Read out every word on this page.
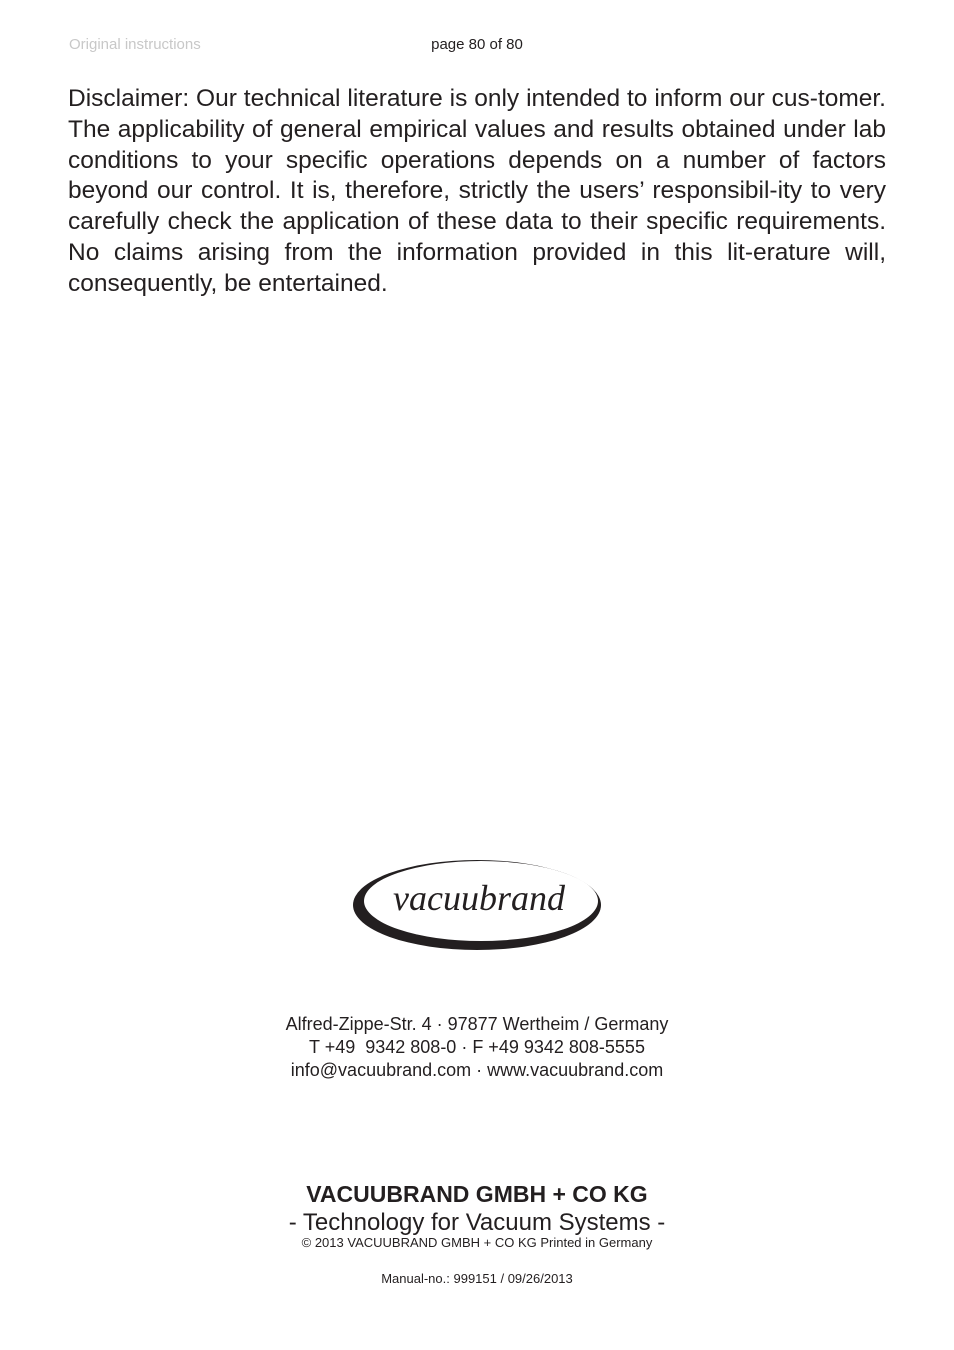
Original instructions	page 80 of 80

Disclaimer: Our technical literature is only intended to inform our cus-tomer. The applicability of general empirical values and results obtained under lab conditions to your specific operations depends on a number of factors beyond our control. It is, therefore, strictly the users’ responsibil-ity to very carefully check the application of these data to their specific requirements. No claims arising from the information provided in this lit-erature will, consequently, be entertained.

vacuubrand
Alfred-Zippe-Str. 4 · 97877 Wertheim / Germany
T +49  9342 808-0 · F +49 9342 808-5555
info@vacuubrand.com · www.vacuubrand.com
VACUUBRAND GMBH + CO KG
- Technology for Vacuum Systems -
© 2013 VACUUBRAND GMBH + CO KG Printed in Germany
Manual-no.: 999151 / 09/26/2013
